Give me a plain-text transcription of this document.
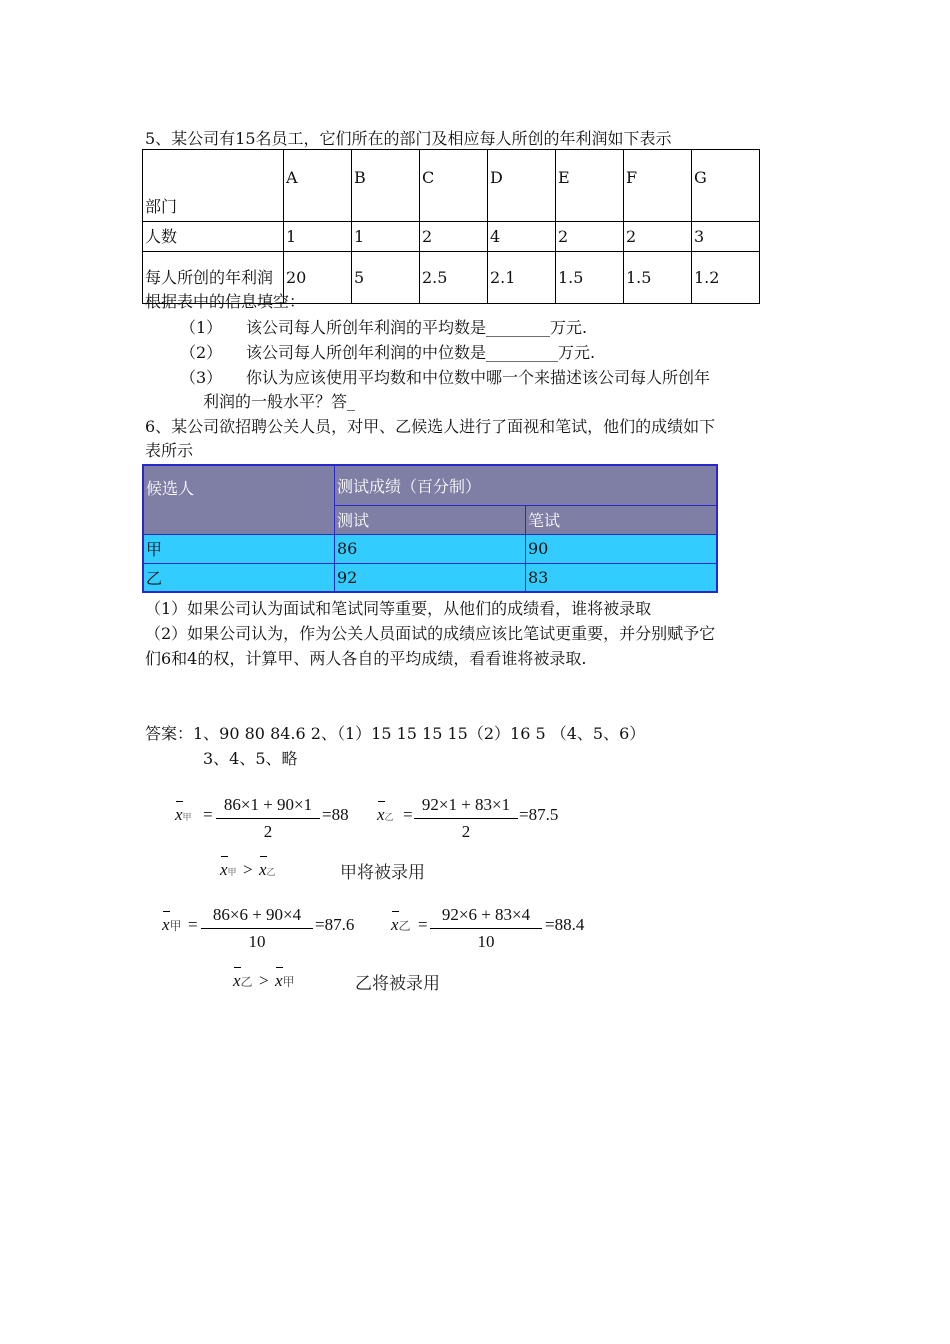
5、某公司有15名员工，它们所在的部门及相应每人所创的年利润如下表示
部门	A	B	C	D	E	F	G
人数	1	1	2	4	2	2	3
每人所创的年利润	20	5	2.5	2.1	1.5	1.5	1.2
根据表中的信息填空：
（1） 该公司每人所创年利润的平均数是________万元.
（2） 该公司每人所创年利润的中位数是_________万元.
（3） 你认为应该使用平均数和中位数中哪一个来描述该公司每人所创年
利润的一般水平？答_
6、某公司欲招聘公关人员，对甲、乙候选人进行了面视和笔试，他们的成绩如下
表所示
候选人	测试成绩（百分制）	
	测试	笔试
甲	86	90
乙	92	83
（1）如果公司认为面试和笔试同等重要，从他们的成绩看，谁将被录取
（2）如果公司认为，作为公关人员面试的成绩应该比笔试更重要，并分别赋予它
们6和4的权，计算甲、两人各自的平均成绩，看看谁将被录取.
答案：1、90 80 84.6 2、（1）15 15 15 15（2）16 5 （4、5、6）
3、4、5、略
x甲 = $\frac{86\times 1 + 90\times 1}{2} =88$ x乙 = $\frac{92\times 1 + 83\times 1}{2} =87.5$
x甲 > x乙	甲将被录用
x甲 = $\frac{86\times 6 + 90\times 4}{10} =87.6$ x乙 = $\frac{92\times 6 + 83\times 4}{10} =88.4$
x乙 > x甲	乙将被录用
